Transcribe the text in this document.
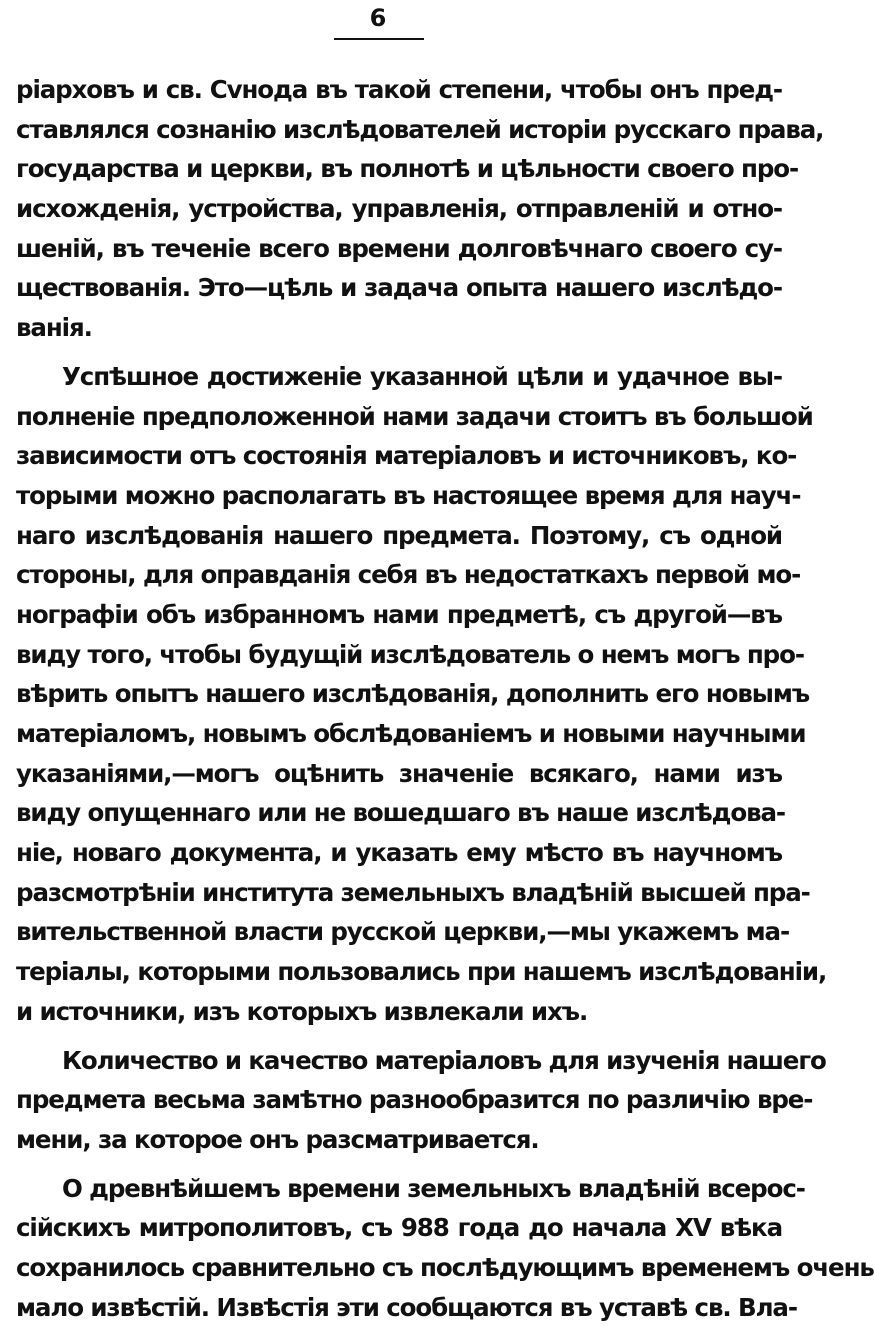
6
ріарховъ и св. Сvнода въ такой степени, чтобы онъ пред-
ставлялся сознанію изслѣдователей исторіи русскаго права,
государства и церкви, въ полнотѣ и цѣльности своего про-
исхожденія, устройства, управленія, отправленій и отно-
шеній, въ теченіе всего времени долговѣчнаго своего су-
ществованія. Это—цѣль и задача опыта нашего изслѣдо-
ванія.
Успѣшное достиженіе указанной цѣли и удачное вы-
полненіе предположенной нами задачи стоитъ въ большой
зависимости отъ состоянія матеріаловъ и источниковъ, ко-
торыми можно располагать въ настоящее время для науч-
наго изслѣдованія нашего предмета. Поэтому, съ одной
стороны, для оправданія себя въ недостаткахъ первой мо-
нографіи объ избранномъ нами предметѣ, съ другой—въ
виду того, чтобы будущій изслѣдователь о немъ могъ про-
вѣрить опытъ нашего изслѣдованія, дополнить его новымъ
матеріаломъ, новымъ обслѣдованіемъ и новыми научными
указаніями,—могъ оцѣнить значеніе всякаго, нами изъ
виду опущеннаго или не вошедшаго въ наше изслѣдова-
ніе, новаго документа, и указать ему мѣсто въ научномъ
разсмотрѣніи института земельныхъ владѣній высшей пра-
вительственной власти русской церкви,—мы укажемъ ма-
теріалы, которыми пользовались при нашемъ изслѣдованіи,
и источники, изъ которыхъ извлекали ихъ.
Количество и качество матеріаловъ для изученія нашего
предмета весьма замѣтно разнообразится по различію вре-
мени, за которое онъ разсматривается.
О древнѣйшемъ времени земельныхъ владѣній всерос-
сійскихъ митрополитовъ, съ 988 года до начала XV вѣка
сохранилось сравнительно съ послѣдующимъ временемъ очень
мало извѣстій. Извѣстія эти сообщаются въ уставѣ св. Вла-
